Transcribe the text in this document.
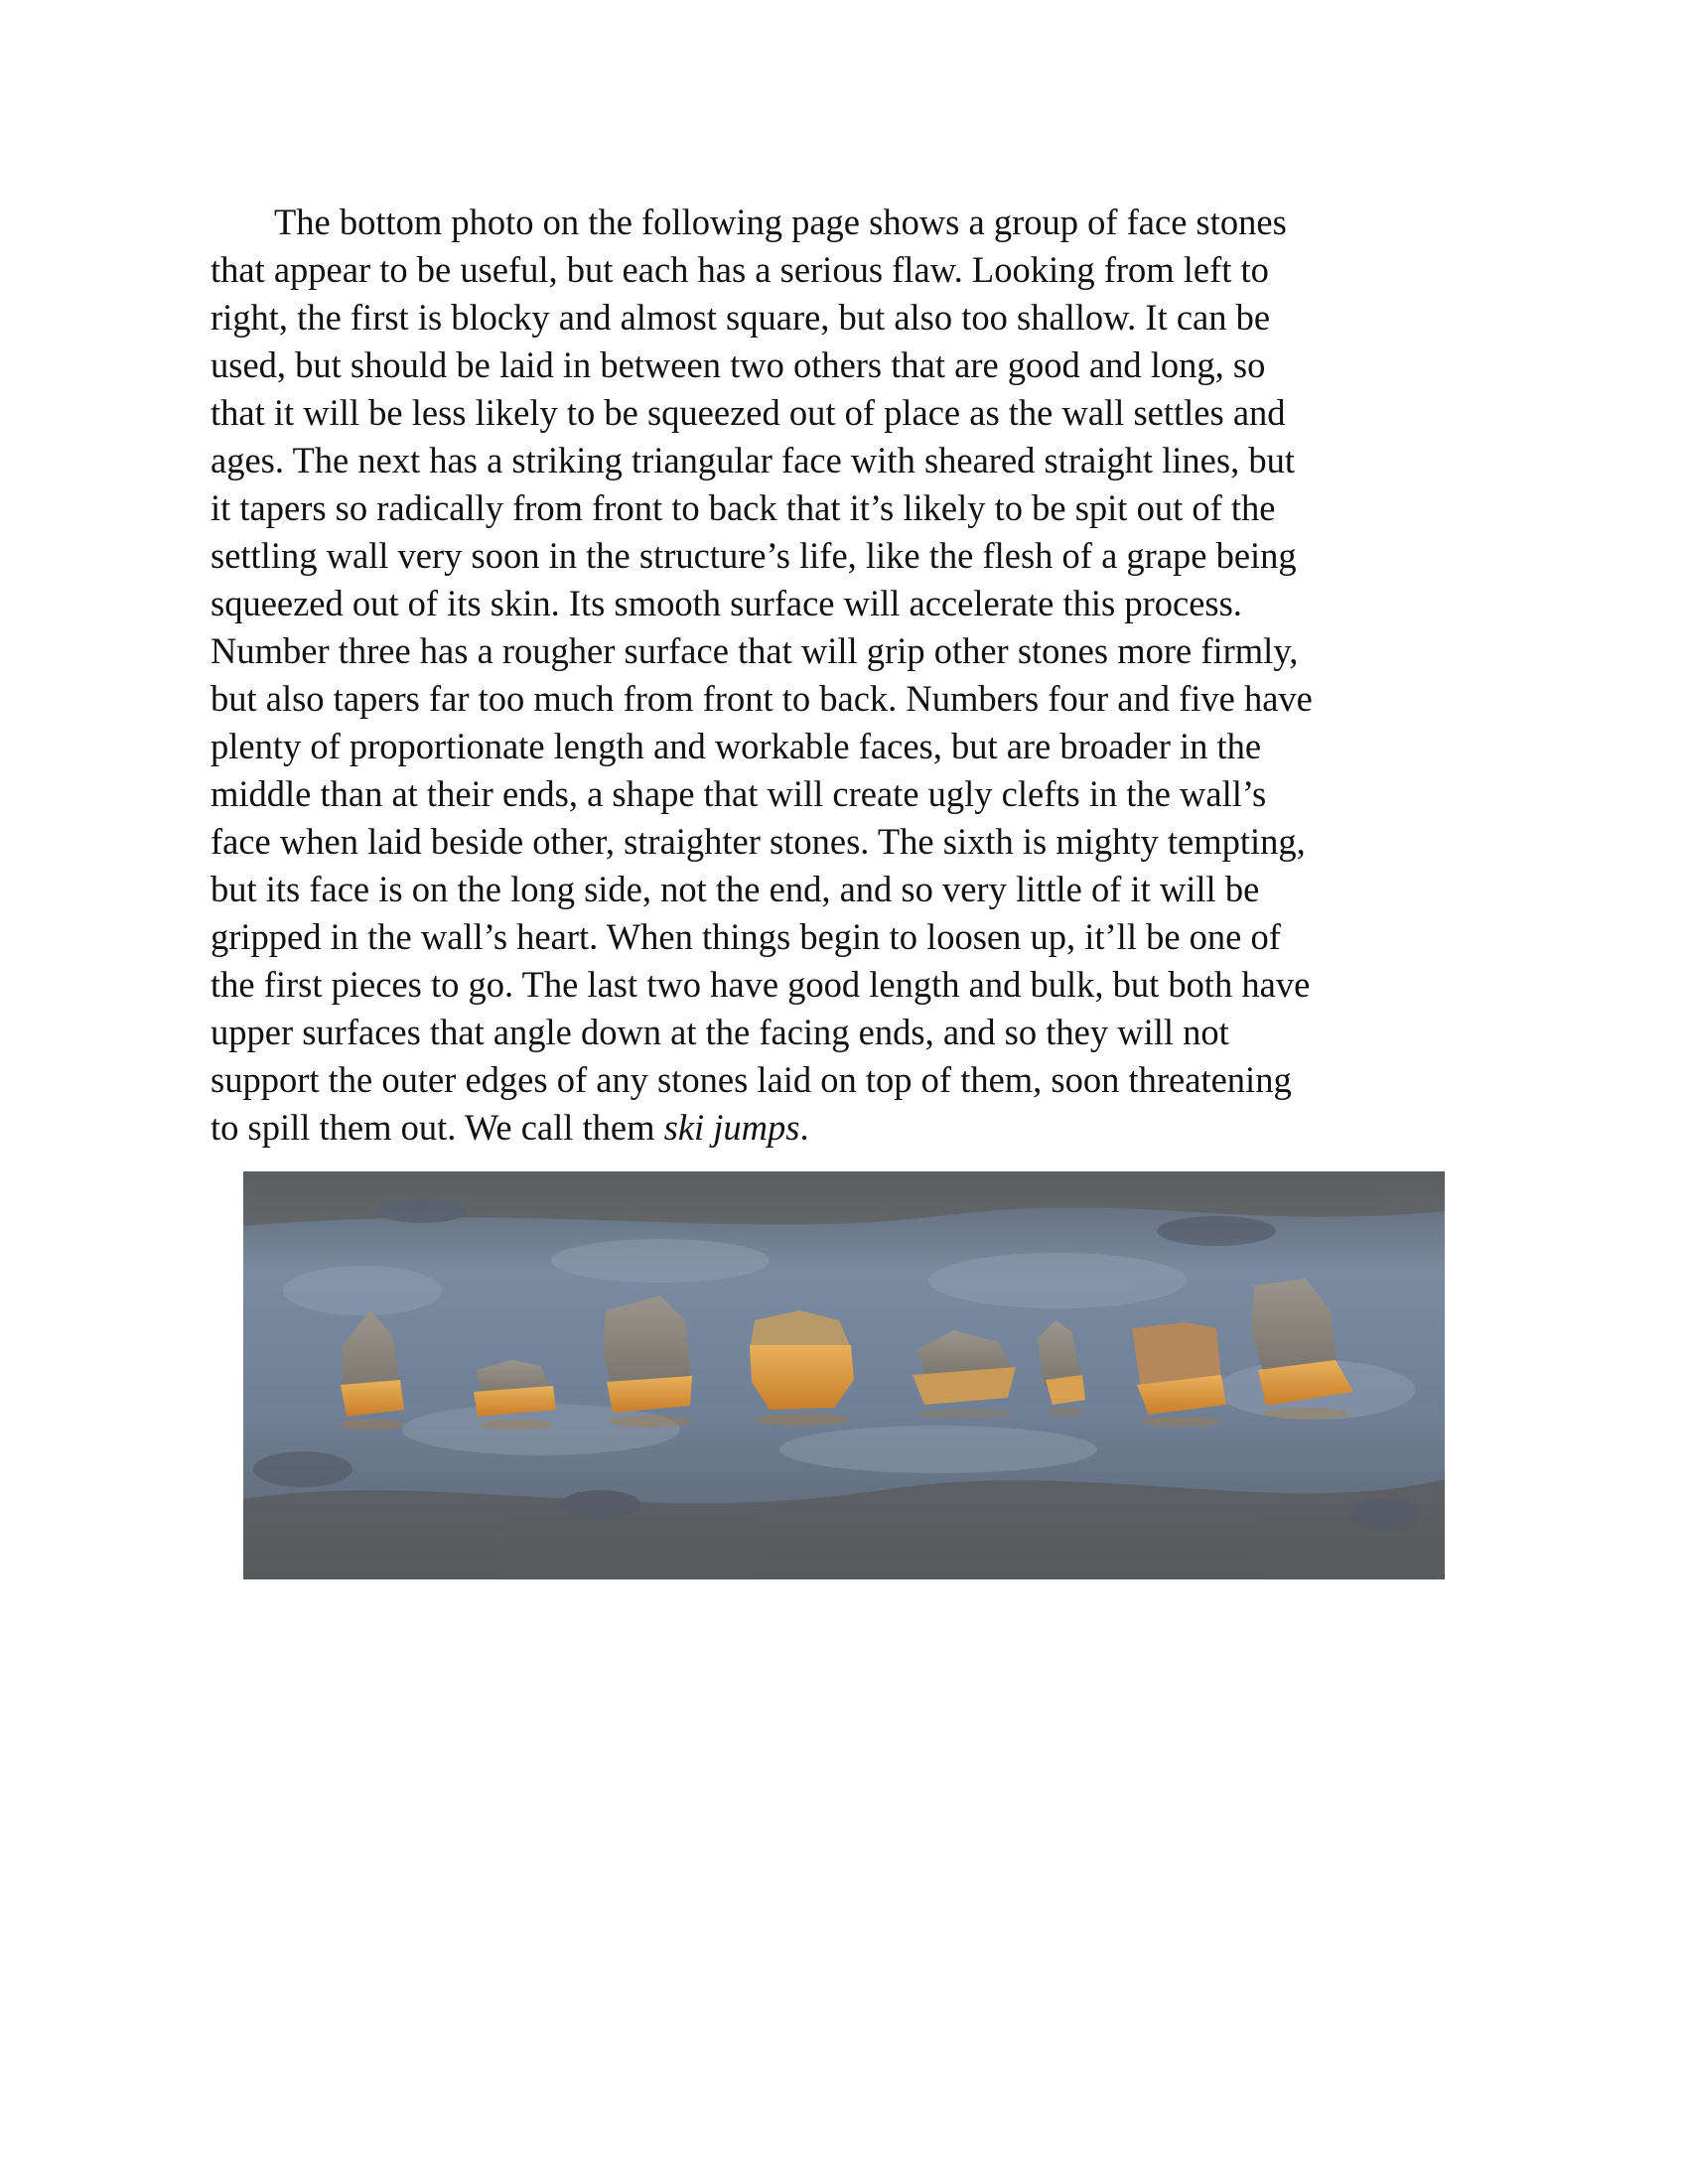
The bottom photo on the following page shows a group of face stones
that appear to be useful, but each has a serious flaw. Looking from left to
right, the first is blocky and almost square, but also too shallow. It can be
used, but should be laid in between two others that are good and long, so
that it will be less likely to be squeezed out of place as the wall settles and
ages. The next has a striking triangular face with sheared straight lines, but
it tapers so radically from front to back that it’s likely to be spit out of the
settling wall very soon in the structure’s life, like the flesh of a grape being
squeezed out of its skin. Its smooth surface will accelerate this process.
Number three has a rougher surface that will grip other stones more firmly,
but also tapers far too much from front to back. Numbers four and five have
plenty of proportionate length and workable faces, but are broader in the
middle than at their ends, a shape that will create ugly clefts in the wall’s
face when laid beside other, straighter stones. The sixth is mighty tempting,
but its face is on the long side, not the end, and so very little of it will be
gripped in the wall’s heart. When things begin to loosen up, it’ll be one of
the first pieces to go. The last two have good length and bulk, but both have
upper surfaces that angle down at the facing ends, and so they will not
support the outer edges of any stones laid on top of them, soon threatening
to spill them out. We call them ski jumps.
